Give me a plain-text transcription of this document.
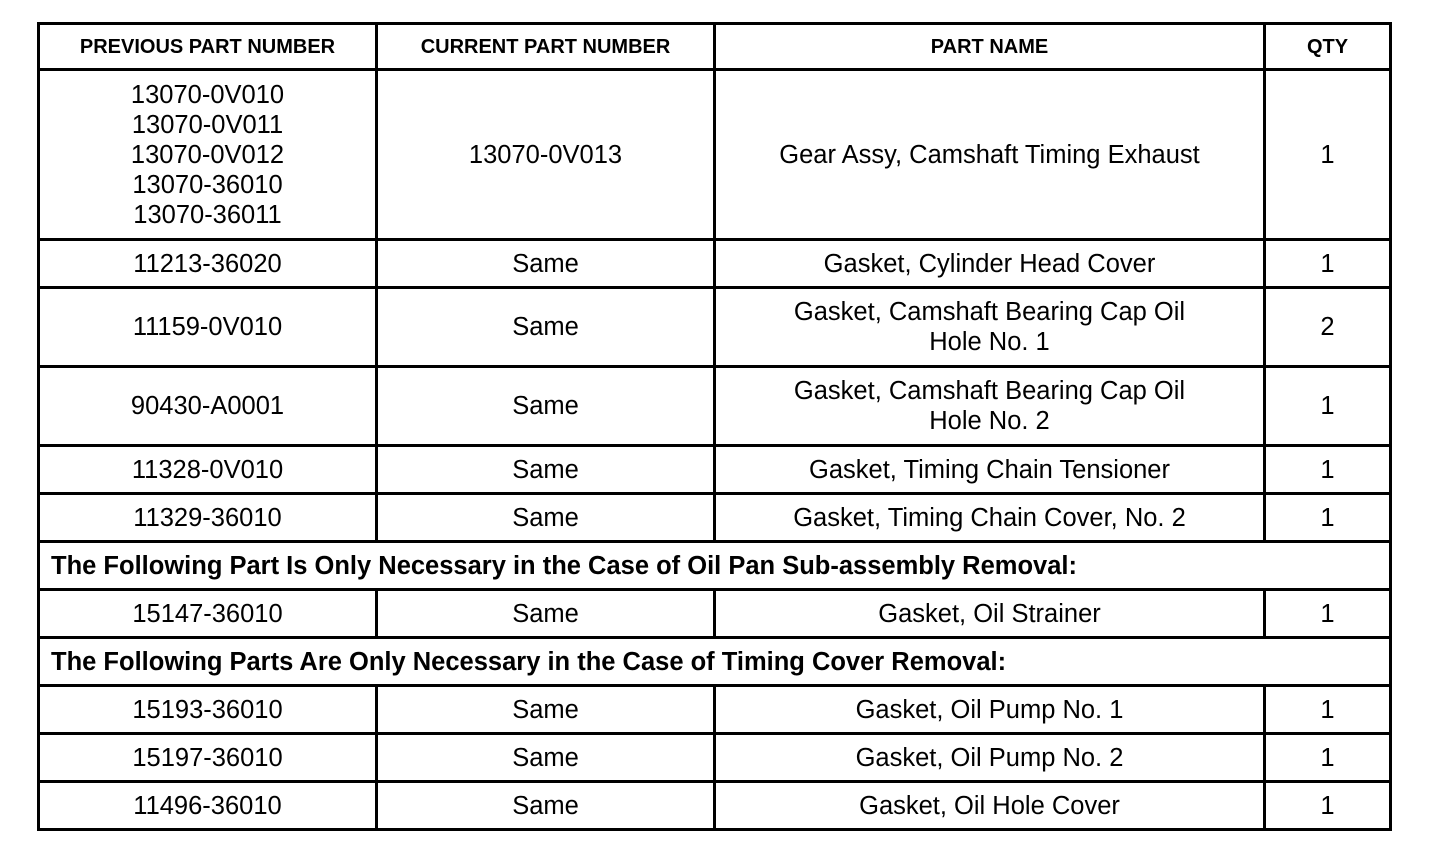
PREVIOUS PART NUMBER	CURRENT PART NUMBER	PART NAME	QTY

13070-0V010
13070-0V011
13070-0V012
13070-36010
13070-36011	13070-0V013	Gear Assy, Camshaft Timing Exhaust	1
11213-36020	Same	Gasket, Cylinder Head Cover	1
11159-0V010	Same	Gasket, Camshaft Bearing Cap Oil
Hole No. 1	2
90430-A0001	Same	Gasket, Camshaft Bearing Cap Oil
Hole No. 2	1
11328-0V010	Same	Gasket, Timing Chain Tensioner	1
11329-36010	Same	Gasket, Timing Chain Cover, No. 2	1
The Following Part Is Only Necessary in the Case of Oil Pan Sub-assembly Removal:			
15147-36010	Same	Gasket, Oil Strainer	1
The Following Parts Are Only Necessary in the Case of Timing Cover Removal:			
15193-36010	Same	Gasket, Oil Pump No. 1	1
15197-36010	Same	Gasket, Oil Pump No. 2	1
11496-36010	Same	Gasket, Oil Hole Cover	1
